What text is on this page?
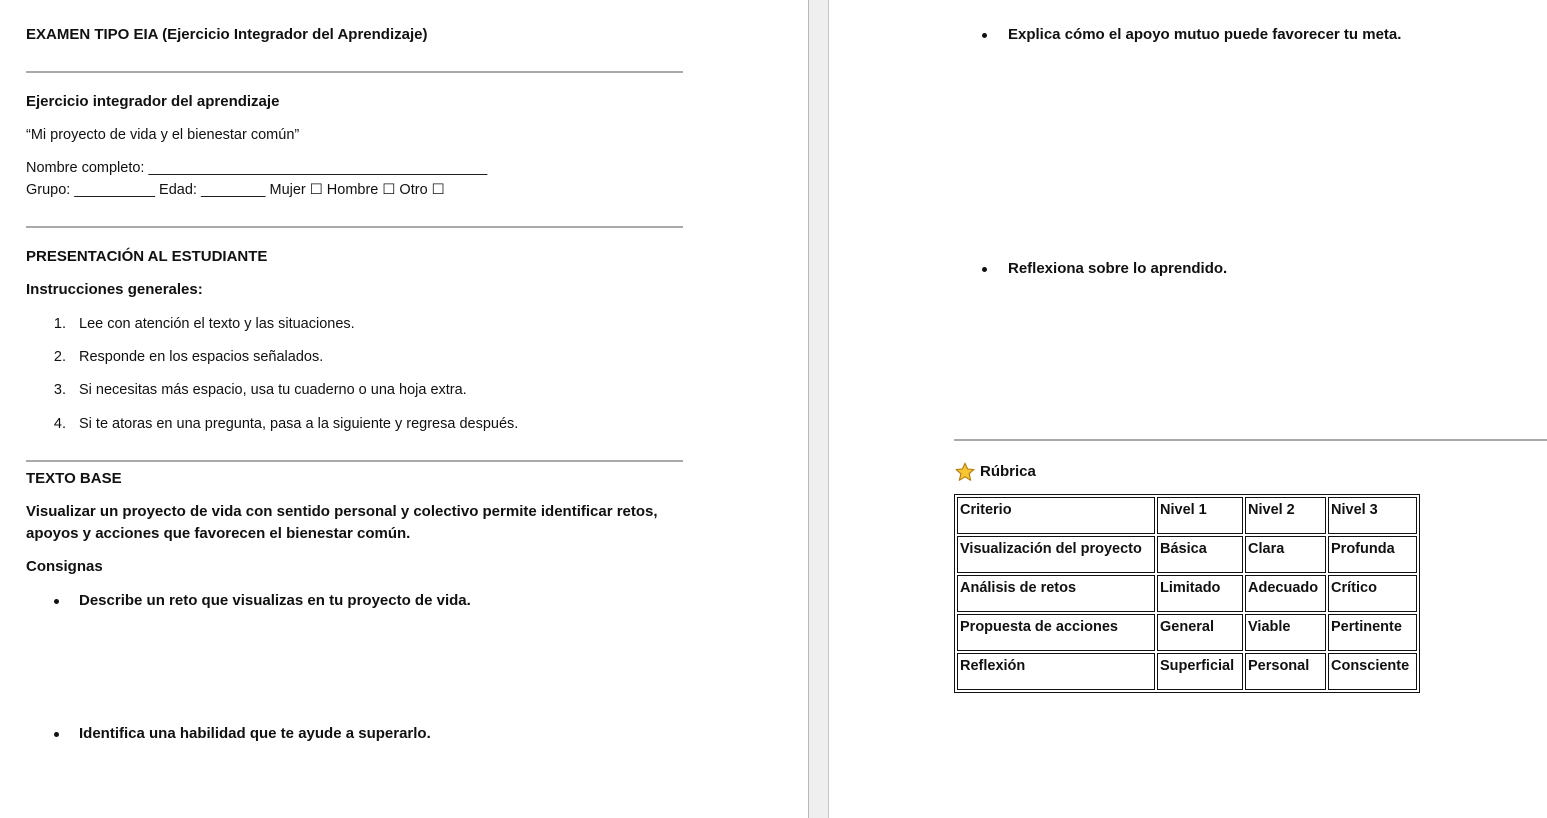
EXAMEN TIPO EIA (Ejercicio Integrador del Aprendizaje)
Ejercicio integrador del aprendizaje
“Mi proyecto de vida y el bienestar común”
Nombre completo: __________________________________________
Grupo: __________ Edad: ________ Mujer ☐ Hombre ☐ Otro ☐
PRESENTACIÓN AL ESTUDIANTE
Instrucciones generales:
1. Lee con atención el texto y las situaciones.
2. Responde en los espacios señalados.
3. Si necesitas más espacio, usa tu cuaderno o una hoja extra.
4. Si te atoras en una pregunta, pasa a la siguiente y regresa después.
TEXTO BASE
Visualizar un proyecto de vida con sentido personal y colectivo permite identificar retos,
apoyos y acciones que favorecen el bienestar común.
Consignas
Describe un reto que visualizas en tu proyecto de vida.
Identifica una habilidad que te ayude a superarlo.
Explica cómo el apoyo mutuo puede favorecer tu meta.
Reflexiona sobre lo aprendido.
Rúbrica
Criterio	Nivel 1	Nivel 2	Nivel 3
Visualización del proyecto	Básica	Clara	Profunda
Análisis de retos	Limitado	Adecuado	Crítico
Propuesta de acciones	General	Viable	Pertinente
Reflexión	Superficial	Personal	Consciente
